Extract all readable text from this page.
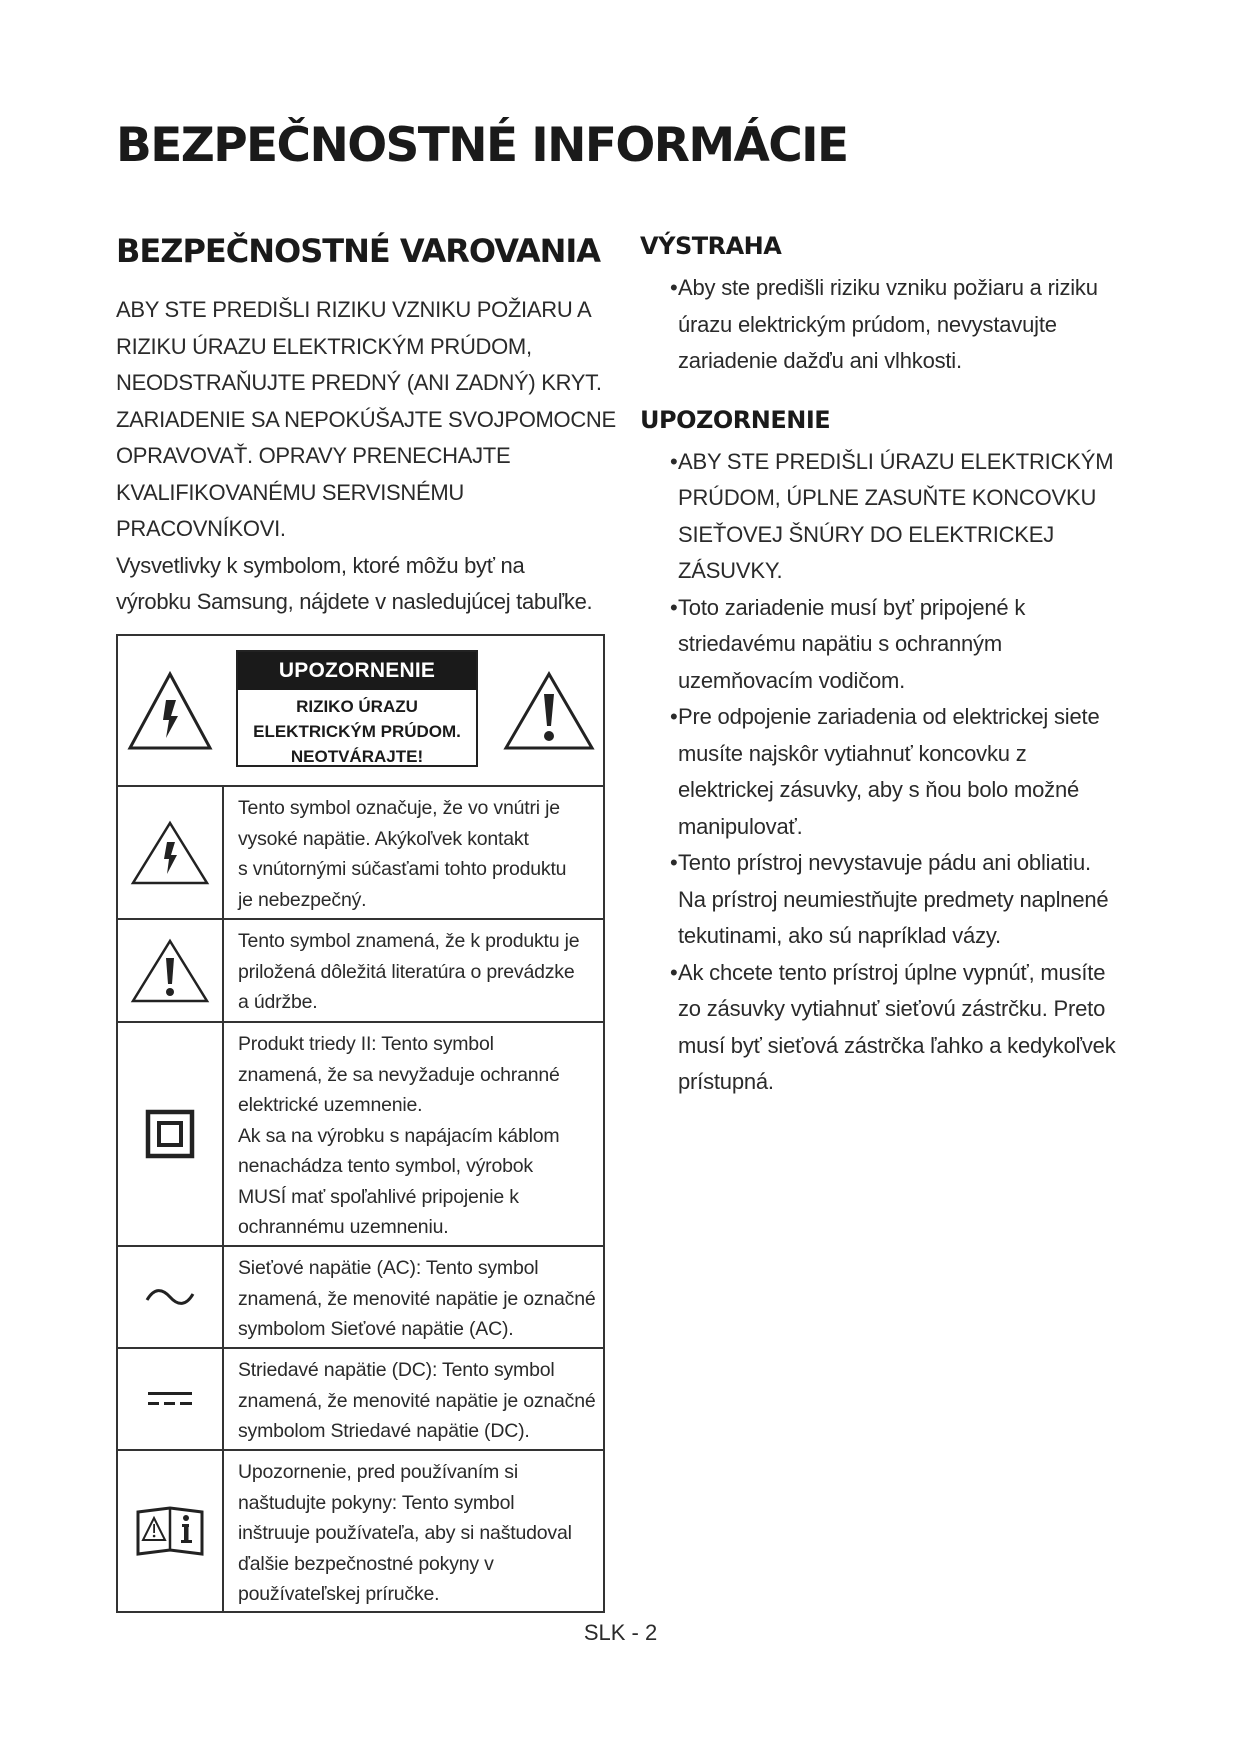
BEZPEČNOSTNÉ INFORMÁCIE
BEZPEČNOSTNÉ VAROVANIA

ABY STE PREDIŠLI RIZIKU VZNIKU POŽIARU A

RIZIKU ÚRAZU ELEKTRICKÝM PRÚDOM,

NEODSTRAŇUJTE PREDNÝ (ANI ZADNÝ) KRYT.

ZARIADENIE SA NEPOKÚŠAJTE SVOJPOMOCNE

OPRAVOVAŤ. OPRAVY PRENECHAJTE

KVALIFIKOVANÉMU SERVISNÉMU

PRACOVNÍKOVI.

Vysvetlivky k symbolom, ktoré môžu byť na

výrobku Samsung, nájdete v nasledujúcej tabuľke.

UPOZORNENIE
RIZIKO ÚRAZU
ELEKTRICKÝM PRÚDOM.
NEOTVÁRAJTE!

Tento symbol označuje, že vo vnútri je

vysoké napätie. Akýkoľvek kontakt

s vnútornými súčasťami tohto produktu

je nebezpečný.

Tento symbol znamená, že k produktu je

priložená dôležitá literatúra o prevádzke

a údržbe.

Produkt triedy II: Tento symbol

znamená, že sa nevyžaduje ochranné

elektrické uzemnenie.

Ak sa na výrobku s napájacím káblom

nenachádza tento symbol, výrobok

MUSÍ mať spoľahlivé pripojenie k

ochrannému uzemneniu.

Sieťové napätie (AC): Tento symbol

znamená, že menovité napätie je označné

symbolom Sieťové napätie (AC).

Striedavé napätie (DC): Tento symbol

znamená, že menovité napätie je označné

symbolom Striedavé napätie (DC).

Upozornenie, pred používaním si

naštudujte pokyny: Tento symbol

inštruuje používateľa, aby si naštudoval

ďalšie bezpečnostné pokyny v

používateľskej príručke.

VÝSTRAHA
• Aby ste predišli riziku vzniku požiaru a riziku
úrazu elektrickým prúdom, nevystavujte
zariadenie dažďu ani vlhkosti.
UPOZORNENIE
• ABY STE PREDIŠLI ÚRAZU ELEKTRICKÝM
PRÚDOM, ÚPLNE ZASUŇTE KONCOVKU
SIEŤOVEJ ŠNÚRY DO ELEKTRICKEJ
ZÁSUVKY.
• Toto zariadenie musí byť pripojené k
striedavému napätiu s ochranným
uzemňovacím vodičom.
• Pre odpojenie zariadenia od elektrickej siete
musíte najskôr vytiahnuť koncovku z
elektrickej zásuvky, aby s ňou bolo možné
manipulovať.
• Tento prístroj nevystavuje pádu ani obliatiu.
Na prístroj neumiestňujte predmety naplnené
tekutinami, ako sú napríklad vázy.
• Ak chcete tento prístroj úplne vypnúť, musíte
zo zásuvky vytiahnuť sieťovú zástrčku. Preto
musí byť sieťová zástrčka ľahko a kedykoľvek
prístupná.
SLK - 2
